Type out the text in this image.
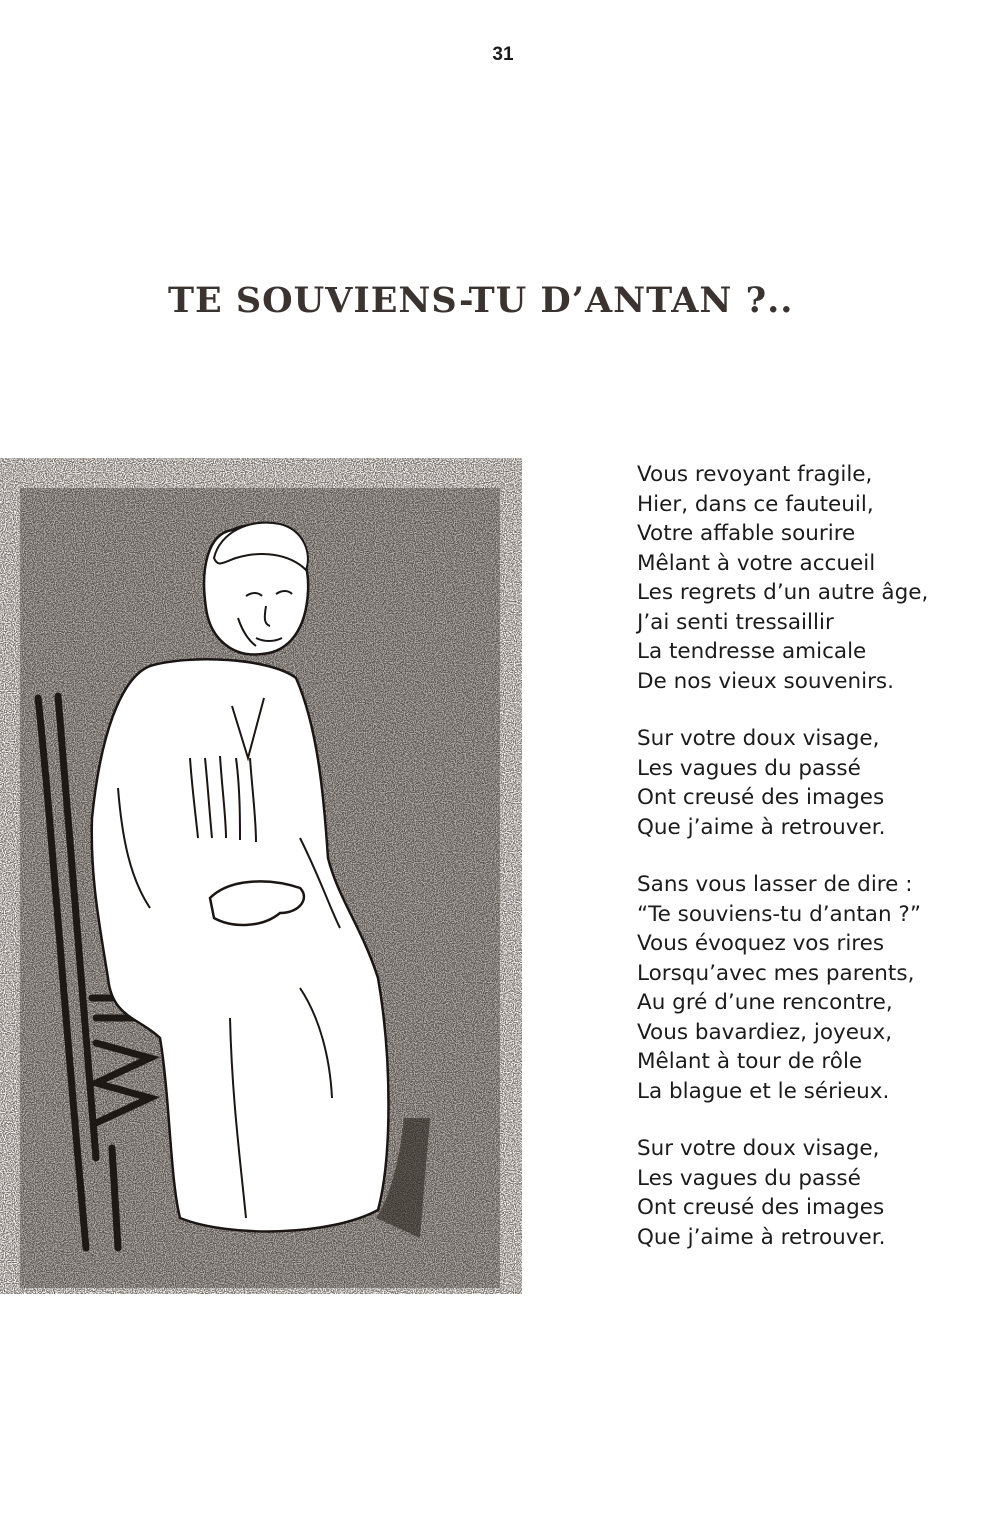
31
TE SOUVIENS-TU D’ANTAN ?..
Vous revoyant fragile,
Hier, dans ce fauteuil,
Votre affable sourire
Mêlant à votre accueil
Les regrets d’un autre âge,
J’ai senti tressaillir
La tendresse amicale
De nos vieux souvenirs.
Sur votre doux visage,
Les vagues du passé
Ont creusé des images
Que j’aime à retrouver.
Sans vous lasser de dire :
“Te souviens-tu d’antan ?”
Vous évoquez vos rires
Lorsqu’avec mes parents,
Au gré d’une rencontre,
Vous bavardiez, joyeux,
Mêlant à tour de rôle
La blague et le sérieux.
Sur votre doux visage,
Les vagues du passé
Ont creusé des images
Que j’aime à retrouver.
